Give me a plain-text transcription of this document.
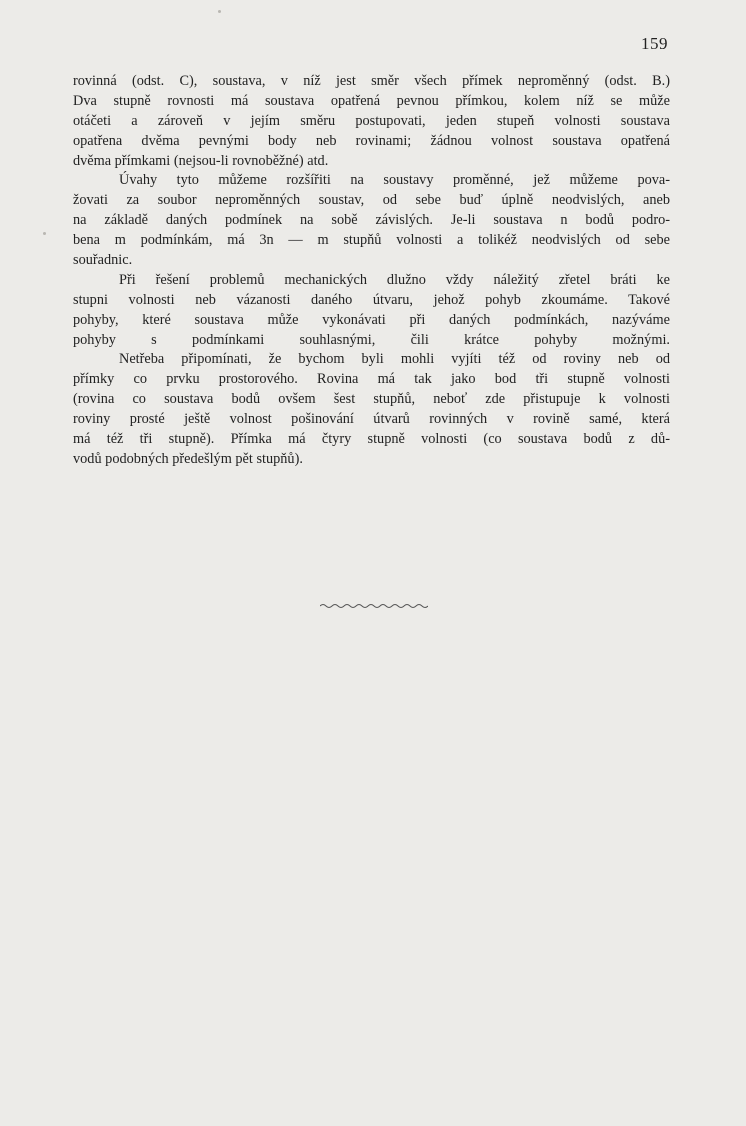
159
rovinná (odst. C), soustava, v níž jest směr všech přímek neproměnný (odst. B.)
Dva stupně rovnosti má soustava opatřená pevnou přímkou, kolem níž se může
otáčeti a zároveň v jejím směru postupovati, jeden stupeň volnosti soustava
opatřena dvěma pevnými body neb rovinami; žádnou volnost soustava opatřená
dvěma přímkami (nejsou-li rovnoběžné) atd.
Úvahy tyto můžeme rozšířiti na soustavy proměnné, jež můžeme pova-
žovati za soubor neproměnných soustav, od sebe buď úplně neodvislých, aneb
na základě daných podmínek na sobě závislých. Je-li soustava n bodů podro-
bena m podmínkám, má 3n — m stupňů volnosti a tolikéž neodvislých od sebe
souřadnic.
Při řešení problemů mechanických dlužno vždy náležitý zřetel bráti ke
stupni volnosti neb vázanosti daného útvaru, jehož pohyb zkoumáme. Takové
pohyby, které soustava může vykonávati při daných podmínkách, nazýváme
pohyby s podmínkami souhlasnými, čili krátce pohyby možnými.
Netřeba připomínati, že bychom byli mohli vyjíti též od roviny neb od
přímky co prvku prostorového. Rovina má tak jako bod tři stupně volnosti
(rovina co soustava bodů ovšem šest stupňů, neboť zde přistupuje k volnosti
roviny prosté ještě volnost pošinování útvarů rovinných v rovině samé, která
má též tři stupně). Přímka má čtyry stupně volnosti (co soustava bodů z dů-
vodů podobných předešlým pět stupňů).
